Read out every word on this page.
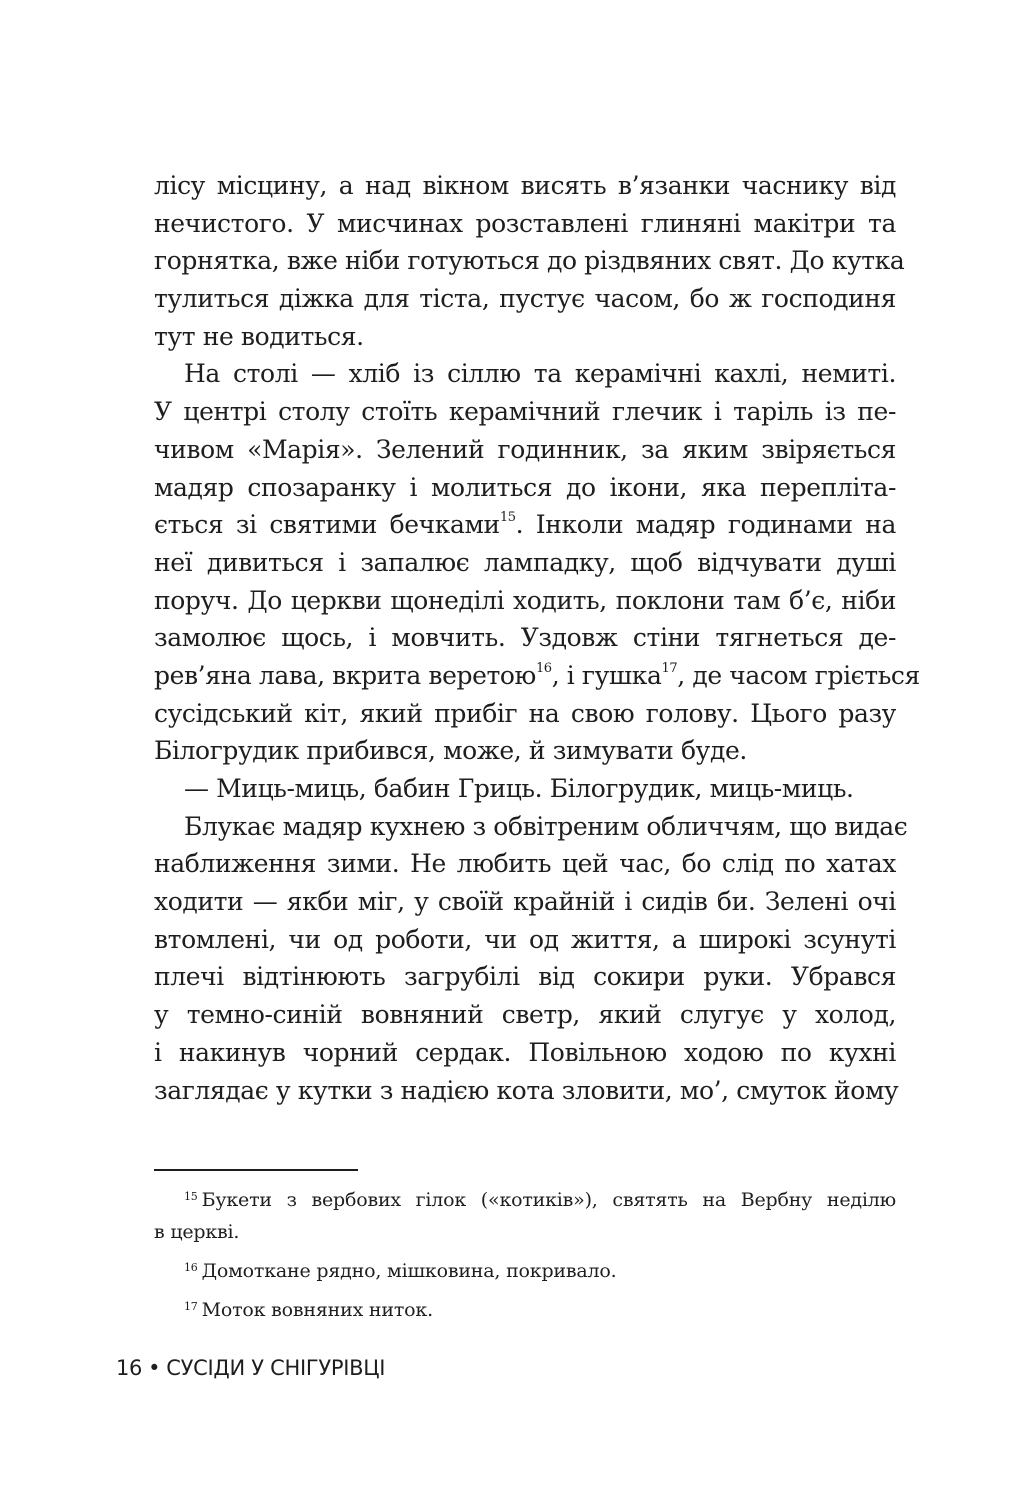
лісу місцину, а над вікном висять в’язанки часнику від
нечистого. У мисчинах розставлені глиняні макітри та
горнятка, вже ніби готуються до різдвяних свят. До кутка
тулиться діжка для тіста, пустує часом, бо ж господиня
тут не водиться.
На столі — хліб із сіллю та керамічні кахлі, немиті.
У центрі столу стоїть керамічний глечик і таріль із пе-
чивом «Марія». Зелений годинник, за яким звіряється
мадяр спозаранку і молиться до ікони, яка перепліта-
ється зі святими бечками$^{15}$. Інколи мадяр годинами на
неї дивиться і запалює лампадку, щоб відчувати душі
поруч. До церкви щонеділі ходить, поклони там б’є, ніби
замолює щось, і мовчить. Уздовж стіни тягнеться де-
рев’яна лава, вкрита веретою$^{16}$, і гушка$^{17}$, де часом гріється
сусідський кіт, який прибіг на свою голову. Цього разу
Білогрудик прибився, може, й зимувати буде.
— Миць-миць, бабин Гриць. Білогрудик, миць-миць.
Блукає мадяр кухнею з обвітреним обличчям, що видає
наближення зими. Не любить цей час, бо слід по хатах
ходити — якби міг, у своїй крайній і сидів би. Зелені очі
втомлені, чи од роботи, чи од життя, а широкі зсунуті
плечі відтінюють загрубілі від сокири руки. Убрався
у темно-синій вовняний светр, який слугує у холод,
і накинув чорний сердак. Повільною ходою по кухні
заглядає у кутки з надією кота зловити, мо’, смуток йому
$^{15}$ Букети з вербових гілок («котиків»), святять на Вербну неділю
в церкві.
$^{16}$ Домоткане рядно, мішковина, покривало.
$^{17}$ Моток вовняних ниток.
16 • СУСІДИ У СНІГУРІВЦІ
